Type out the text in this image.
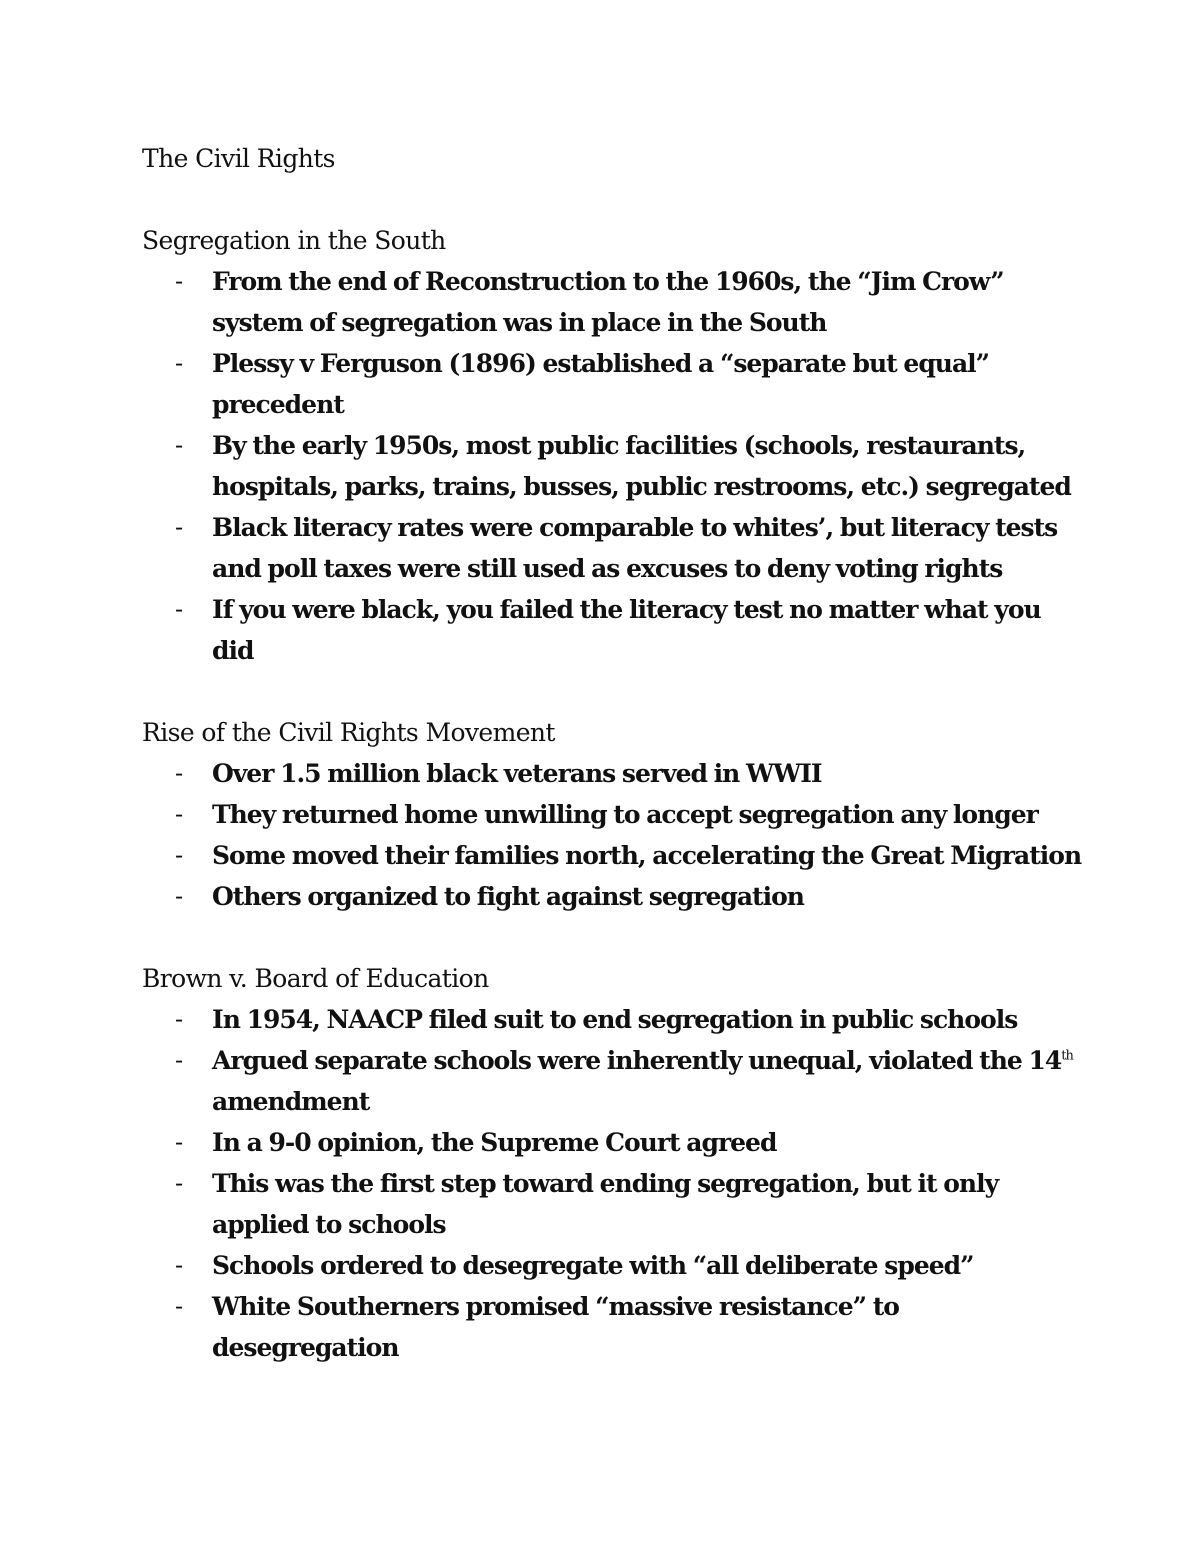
The Civil Rights
Segregation in the South
- From the end of Reconstruction to the 1960s, the “Jim Crow” system of segregation was in place in the South
- Plessy v Ferguson (1896) established a “separate but equal” precedent
- By the early 1950s, most public facilities (schools, restaurants, hospitals, parks, trains, busses, public restrooms, etc.) segregated
- Black literacy rates were comparable to whites’, but literacy tests and poll taxes were still used as excuses to deny voting rights
- If you were black, you failed the literacy test no matter what you did
Rise of the Civil Rights Movement
- Over 1.5 million black veterans served in WWII
- They returned home unwilling to accept segregation any longer
- Some moved their families north, accelerating the Great Migration
- Others organized to fight against segregation
Brown v. Board of Education
- In 1954, NAACP filed suit to end segregation in public schools
- Argued separate schools were inherently unequal, violated the 14th
amendment
- In a 9-0 opinion, the Supreme Court agreed
- This was the first step toward ending segregation, but it only applied to schools
- Schools ordered to desegregate with “all deliberate speed”
- White Southerners promised “massive resistance” to desegregation
